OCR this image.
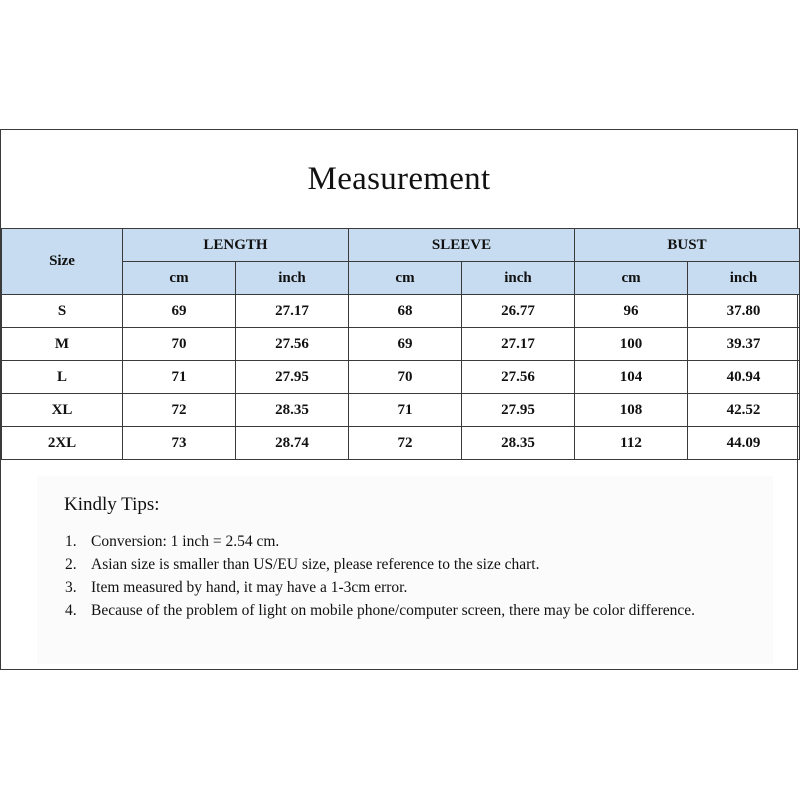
Measurement
Size	LENGTH		SLEEVE		BUST	
	cm	inch	cm	inch	cm	inch
S	69	27.17	68	26.77	96	37.80
M	70	27.56	69	27.17	100	39.37
L	71	27.95	70	27.56	104	40.94
XL	72	28.35	71	27.95	108	42.52
2XL	73	28.74	72	28.35	112	44.09
Kindly Tips:
1. Conversion: 1 inch = 2.54 cm.
2. Asian size is smaller than US/EU size, please reference to the size chart.
3. Item measured by hand, it may have a 1-3cm error.
4. Because of the problem of light on mobile phone/computer screen, there may be color difference.
